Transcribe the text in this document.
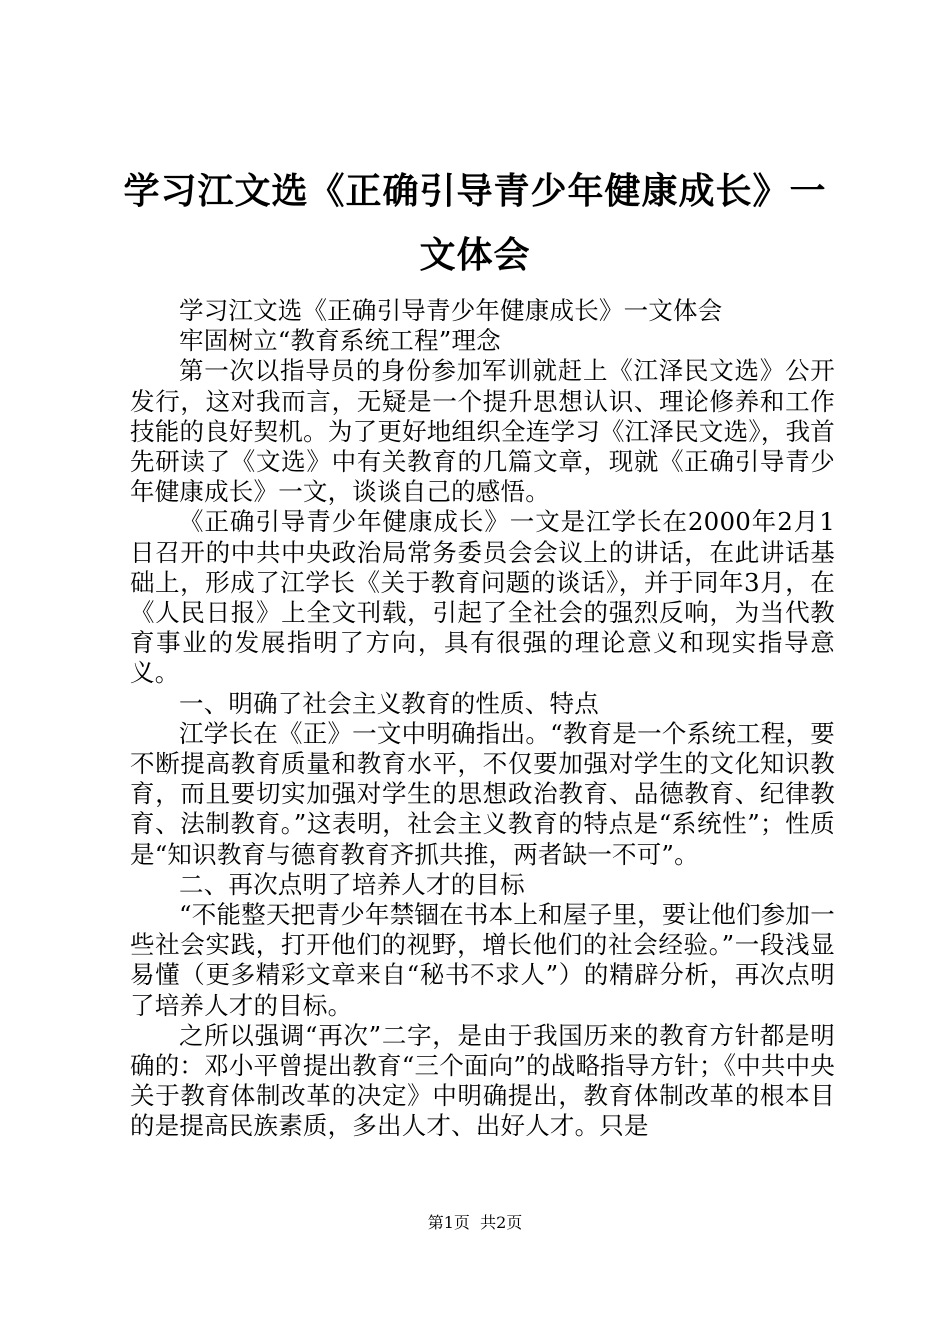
学习江文选《正确引导青少年健康成长》一文体会

学习江文选《正确引导青少年健康成长》一文体会

牢固树立“教育系统工程”理念

第一次以指导员的身份参加军训就赶上《江泽民文选》公开发行，这对我而言，无疑是一个提升思想认识、理论修养和工作技能的良好契机。为了更好地组织全连学习《江泽民文选》，我首先研读了《文选》中有关教育的几篇文章，现就《正确引导青少年健康成长》一文，谈谈自己的感悟。

《正确引导青少年健康成长》一文是江学长在2000年2月1日召开的中共中央政治局常务委员会会议上的讲话，在此讲话基础上，形成了江学长《关于教育问题的谈话》，并于同年3月，在《人民日报》上全文刊载，引起了全社会的强烈反响，为当代教育事业的发展指明了方向，具有很强的理论意义和现实指导意义。

一、明确了社会主义教育的性质、特点

江学长在《正》一文中明确指出。“教育是一个系统工程，要不断提高教育质量和教育水平，不仅要加强对学生的文化知识教育，而且要切实加强对学生的思想政治教育、品德教育、纪律教育、法制教育。”这表明，社会主义教育的特点是“系统性”；性质是“知识教育与德育教育齐抓共推，两者缺一不可”。

二、再次点明了培养人才的目标

“不能整天把青少年禁锢在书本上和屋子里，要让他们参加一些社会实践，打开他们的视野，增长他们的社会经验。”一段浅显易懂（更多精彩文章来自“秘书不求人”）的精辟分析，再次点明了培养人才的目标。

之所以强调“再次”二字，是由于我国历来的教育方针都是明确的：邓小平曾提出教育“三个面向”的战略指导方针；《中共中央关于教育体制改革的决定》中明确提出，教育体制改革的根本目的是提高民族素质，多出人才、出好人才。只是

第1页 共2页
